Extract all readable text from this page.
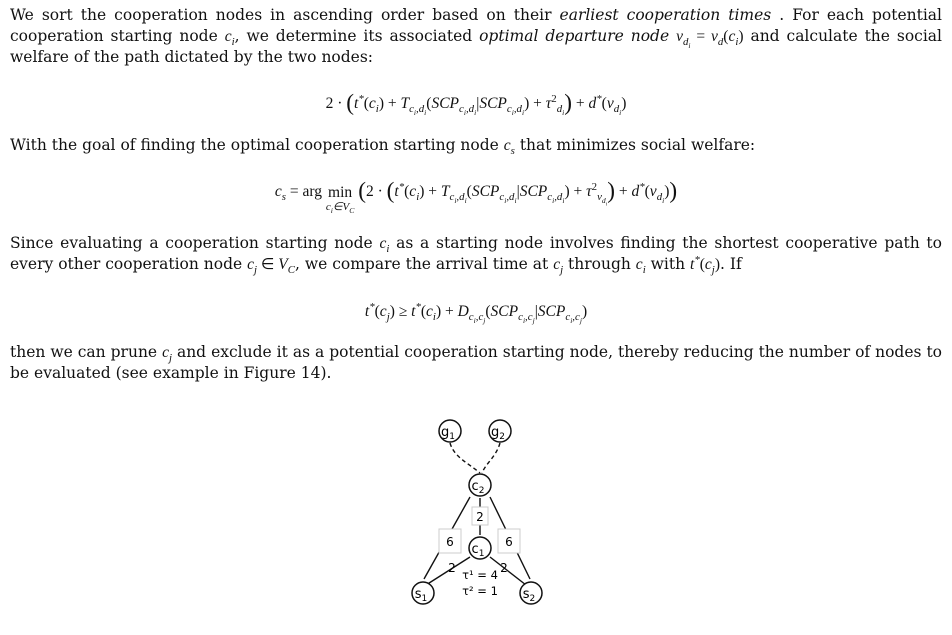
We sort the cooperation nodes in ascending order based on their earliest cooperation times . For each potential cooperation starting node $c_i$, we determine its associated optimal departure node $v_{d_i} = v_d(c_i)$ and calculate the social welfare of the path dictated by the two nodes:

$2 \cdot (t^*(c_i) + T_{c_i,d_i}(SCP_{c_i,d_i}|SCP_{c_i,d_i}) + \tau^2_{d_i}) + d^*(v_{d_i})$

With the goal of finding the optimal cooperation starting node $c_s$ that minimizes social welfare:

$c_s$ = arg min
$c_i\in V_C$
$(2 \cdot (t^*(c_i) + T_{c_i,d_i}(SCP_{c_i,d_i}|SCP_{c_i,d_i}) + \tau^2_{v_{d_i}}) + d^*(v_{d_i}))$

Since evaluating a cooperation starting node $c_i$ as a starting node involves finding the shortest cooperative path to every other cooperation node $c_j$ ∈ $V_C$, we compare the arrival time at $c_j$ through $c_i$ with $t^*(c_j)$. If

$t^*(c_j) \ge t^*(c_i) + D_{c_i,c_j}(SCP_{c_i,c_j}|SCP_{c_i,c_j})$

then we can prune $c_j$ and exclude it as a potential cooperation starting node, thereby reducing the number of nodes to be evaluated (see example in Figure 14).

2
6	6
2	2
τ¹ = 4
τ² = 1
$g_1$	$g_2$
$c_2$
$c_1$
$s_1$	$s_2$
